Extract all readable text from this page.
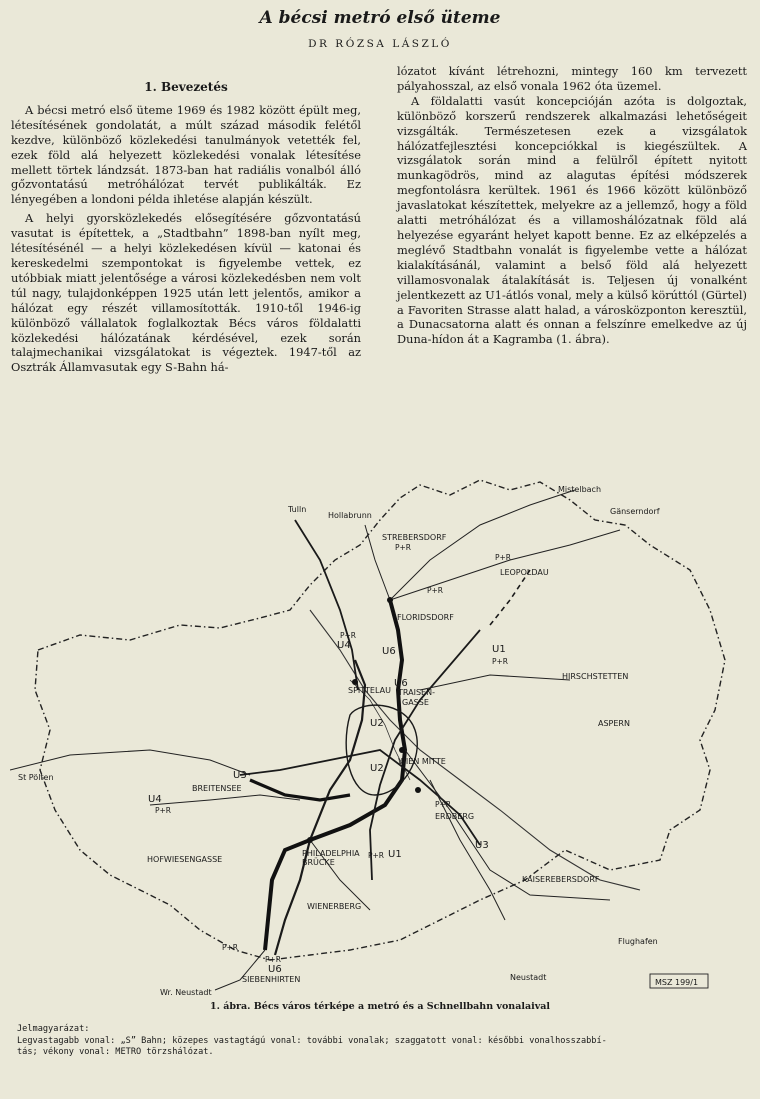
A bécsi metró első üteme
DR RÓZSA LÁSZLÓ
1. Bevezetés

A bécsi metró első üteme 1969 és 1982 között épült meg, létesítésének gondolatát, a múlt század második felétől kezdve, különböző közlekedési tanulmányok vetették fel, ezek föld alá helyezett közlekedési vonalak létesítése mellett törtek lándzsát. 1873-ban hat radiális vonalból álló gőzvontatású metróhálózat tervét publikálták. Ez lényegében a londoni példa ihletése alapján készült.

A helyi gyorsközlekedés elősegítésére gőzvontatású vasutat is építettek, a „Stadtbahn” 1898-ban nyílt meg, létesítésénél — a helyi közlekedésen kívül — katonai és kereskedelmi szempontokat is figyelembe vettek, ez utóbbiak miatt jelentősége a városi közlekedésben nem volt túl nagy, tulajdonképpen 1925 után lett jelentős, amikor a hálózat egy részét villamosították. 1910-től 1946-ig különböző vállalatok foglalkoztak Bécs város földalatti közlekedési hálózatának kérdésével, ezek során talajmechanikai vizsgálatokat is végeztek. 1947-től az Osztrák Államvasutak egy S-Bahn há-

lózatot kívánt létrehozni, mintegy 160 km tervezett pályahosszal, az első vonala 1962 óta üzemel.

A földalatti vasút koncepcióján azóta is dolgoztak, különböző korszerű rendszerek alkalmazási lehetőségeit vizsgálták. Természetesen ezek a vizsgálatok hálózatfejlesztési koncepciókkal is kiegészültek. A vizsgálatok során mind a felülről épített nyitott munkagödrös, mind az alagutas építési módszerek megfontolásra kerültek. 1961 és 1966 között különböző javaslatokat készítettek, melyekre az a jellemző, hogy a föld alatti metróhálózat és a villamoshálózatnak föld alá helyezése egyaránt helyet kapott benne. Ez az elképzelés a meglévő Stadtbahn vonalát is figyelembe vette a hálózat kialakításánál, valamint a belső föld alá helyezett villamosvonalak átalakítását is. Teljesen új vonalként jelentkezett az U1-átlós vonal, mely a külső körúttól (Gürtel) a Favoriten Strasse alatt halad, a városközponton keresztül, a Dunacsatorna alatt és onnan a felszínre emelkedve az új Duna-hídon át a Kagramba (1. ábra).

Tulln
Hollabrunn
STREBERSDORF
P+R
Mistelbach
Gänserndorf
P+R
LEOPOLDAU
P+R
FLORIDSDORF
P+R
U4
U6	U1
P+R
HIRSCHSTETTEN
U6
TRAISEN-
GASSE
SPITTELAU
ASPERN
U2
U2
WIEN MITTE
St Pölten	U3
BREITENSEE
U4
P+R
P+R
ERDBERG
U3
HOFWIESENGASSE
PHILADELPHIA
BRÜCKE
P+R U1
KAISEREBERSDORF
WIENERBERG
Flughafen
P+R
P+R
U6
SIEBENHIRTEN
Wr. Neustadt
Neustadt
MSZ 199/1
1. ábra. Bécs város térképe a metró és a Schnellbahn vonalaival
Jelmagyarázat:
Legvastagabb vonal: „S” Bahn; közepes vastagtágú vonal: további vonalak; szaggatott vonal: későbbi vonalhosszabbí-
tás; vékony vonal: METRO törzshálózat.
